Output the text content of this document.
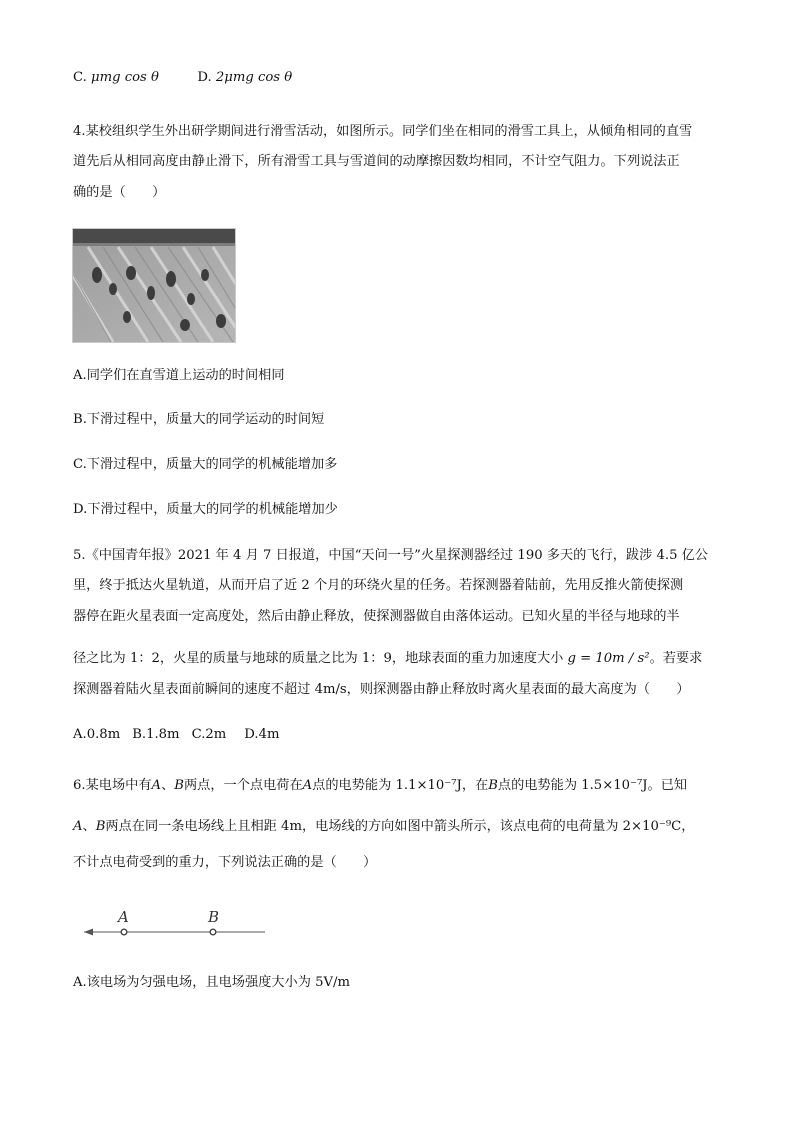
C. μmg cos θ	D. 2μmg cos θ
4.某校组织学生外出研学期间进行滑雪活动，如图所示。同学们坐在相同的滑雪工具上，从倾角相同的直雪
道先后从相同高度由静止滑下，所有滑雪工具与雪道间的动摩擦因数均相同，不计空气阻力。下列说法正
确的是（　　）
A.同学们在直雪道上运动的时间相同
B.下滑过程中，质量大的同学运动的时间短
C.下滑过程中，质量大的同学的机械能增加多
D.下滑过程中，质量大的同学的机械能增加少
5.《中国青年报》2021 年 4 月 7 日报道，中国“天问一号”火星探测器经过 190 多天的飞行，跋涉 4.5 亿公
里，终于抵达火星轨道，从而开启了近 2 个月的环绕火星的任务。若探测器着陆前，先用反推火箭使探测
器停在距火星表面一定高度处，然后由静止释放，使探测器做自由落体运动。已知火星的半径与地球的半
径之比为 1：2，火星的质量与地球的质量之比为 1：9，地球表面的重力加速度大小 g = 10m / s²。若要求
探测器着陆火星表面前瞬间的速度不超过 4m/s，则探测器由静止释放时离火星表面的最大高度为（　　）
A.0.8m B.1.8m C.2m D.4m
6.某电场中有A、B两点，一个点电荷在A点的电势能为 1.1×10⁻⁷J，在B点的电势能为 1.5×10⁻⁷J。已知
A、B两点在同一条电场线上且相距 4m，电场线的方向如图中箭头所示，该点电荷的电荷量为 2×10⁻⁹C，
不计点电荷受到的重力，下列说法正确的是（　　）
A	B
A.该电场为匀强电场，且电场强度大小为 5V/m
